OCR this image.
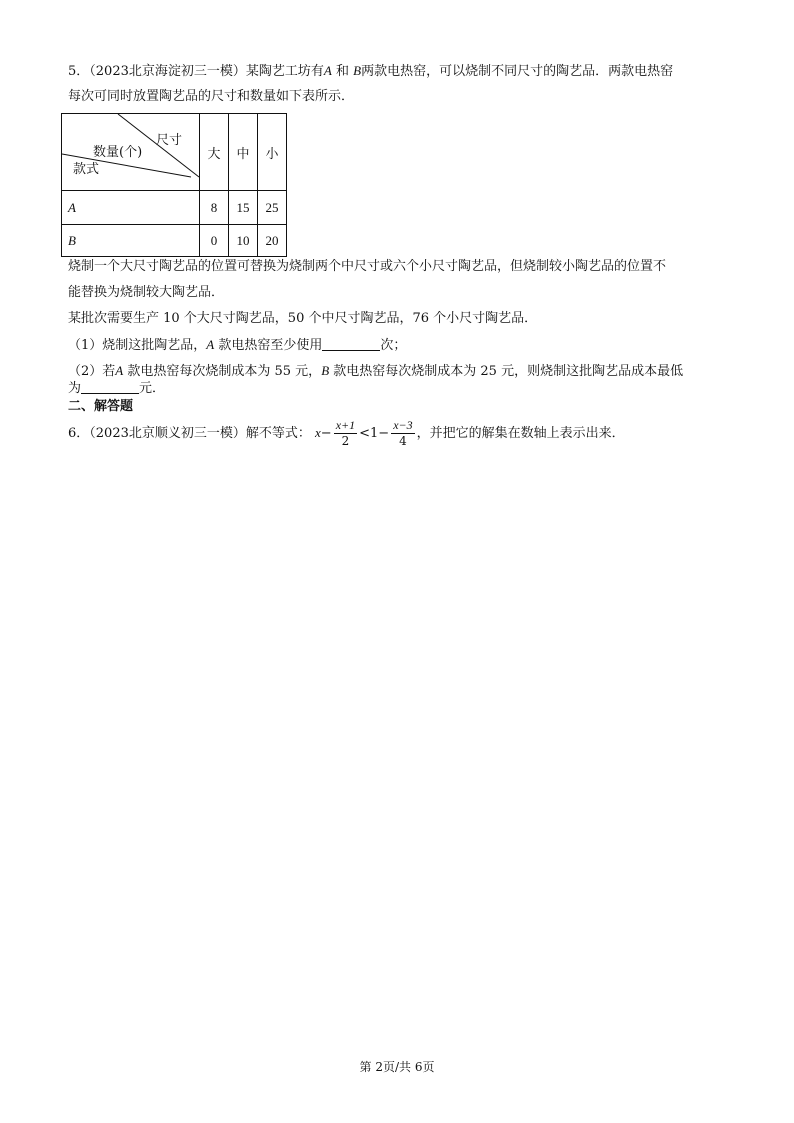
5．（2023北京海淀初三一模）某陶艺工坊有A 和 B两款电热窑，可以烧制不同尺寸的陶艺品．两款电热窑
每次可同时放置陶艺品的尺寸和数量如下表所示．
尺寸
数量(个)
款式	大	中	小
A	8	15	25
B	0	10	20
烧制一个大尺寸陶艺品的位置可替换为烧制两个中尺寸或六个小尺寸陶艺品，但烧制较小陶艺品的位置不
能替换为烧制较大陶艺品．
某批次需要生产 10 个大尺寸陶艺品，50 个中尺寸陶艺品，76 个小尺寸陶艺品．
（1）烧制这批陶艺品，A 款电热窑至少使用	次；
（2）若A 款电热窑每次烧制成本为 55 元，B 款电热窑每次烧制成本为 25 元，则烧制这批陶艺品成本最低
为	元．
二、解答题
6．（2023北京顺义初三一模）解不等式： $x- \frac{x+1}{2} <1- \frac{x-3}{4}$ ，并把它的解集在数轴上表示出来．
第 2页/共 6页
